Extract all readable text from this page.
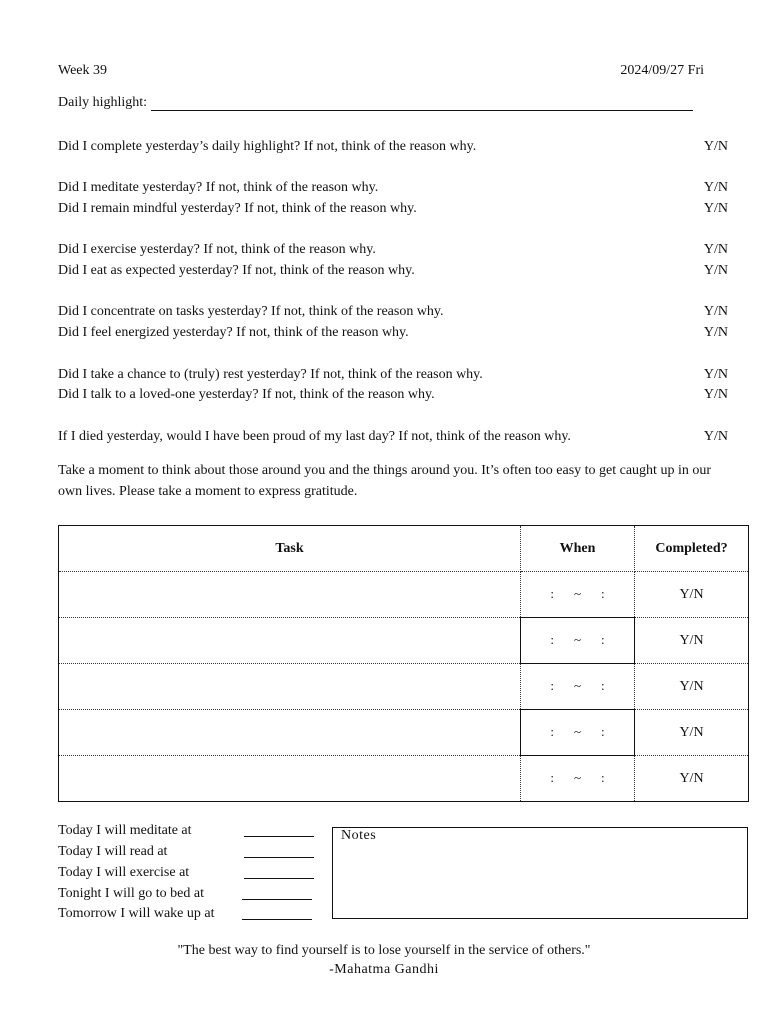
Week 39	2024/09/27 Fri
Daily highlight:
Did I complete yesterday’s daily highlight? If not, think of the reason why.	Y/N
Did I meditate yesterday? If not, think of the reason why.	Y/N
Did I remain mindful yesterday? If not, think of the reason why.	Y/N
Did I exercise yesterday? If not, think of the reason why.	Y/N
Did I eat as expected yesterday? If not, think of the reason why.	Y/N
Did I concentrate on tasks yesterday? If not, think of the reason why.	Y/N
Did I feel energized yesterday? If not, think of the reason why.	Y/N
Did I take a chance to (truly) rest yesterday? If not, think of the reason why.	Y/N
Did I talk to a loved-one yesterday? If not, think of the reason why.	Y/N
If I died yesterday, would I have been proud of my last day? If not, think of the reason why.	Y/N
Take a moment to think about those around you and the things around you. It’s often too easy to get caught up in our own lives. Please take a moment to express gratitude.
Task	When	Completed?
	: ~ :	Y/N
	: ~ :	Y/N
	: ~ :	Y/N
	: ~ :	Y/N
	: ~ :	Y/N
Today I will meditate at
Today I will read at
Today I will exercise at
Tonight I will go to bed at
Tomorrow I will wake up at
Notes
"The best way to find yourself is to lose yourself in the service of others."
-Mahatma Gandhi
